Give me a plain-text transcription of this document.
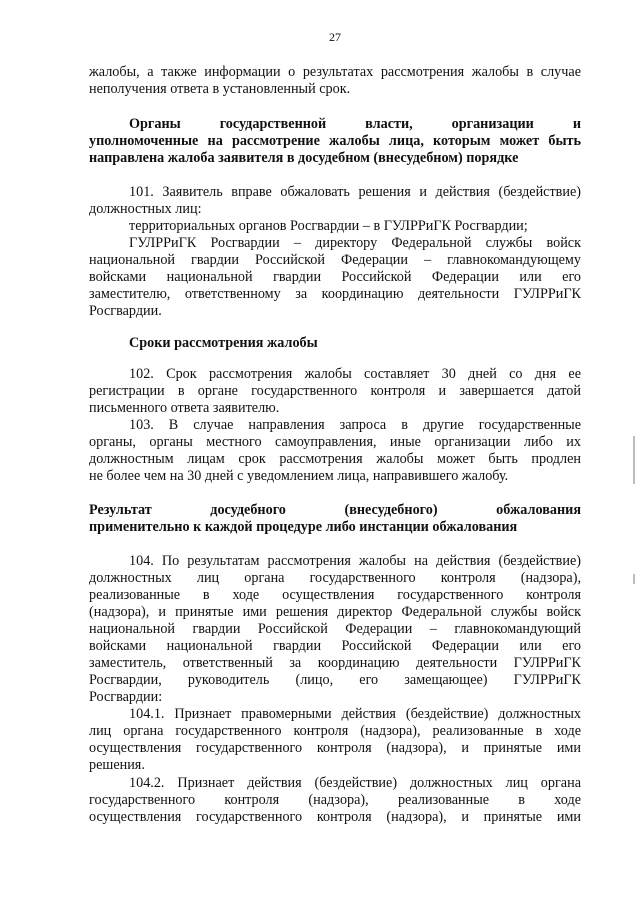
27
жалобы, а также информации о результатах рассмотрения жалобы в случае
неполучения ответа в установленный срок.
Органы государственной власти, организации и
уполномоченные на рассмотрение жалобы лица, которым может быть
направлена жалоба заявителя в досудебном (внесудебном) порядке
101. Заявитель вправе обжаловать решения и действия (бездействие)
должностных лиц:
территориальных органов Росгвардии – в ГУЛРРиГК Росгвардии;
ГУЛРРиГК Росгвардии – директору Федеральной службы войск
национальной гвардии Российской Федерации – главнокомандующему
войсками национальной гвардии Российской Федерации или его
заместителю, ответственному за координацию деятельности ГУЛРРиГК
Росгвардии.
Сроки рассмотрения жалобы
102. Срок рассмотрения жалобы составляет 30 дней со дня ее
регистрации в органе государственного контроля и завершается датой
письменного ответа заявителю.
103. В случае направления запроса в другие государственные
органы, органы местного самоуправления, иные организации либо их
должностным лицам срок рассмотрения жалобы может быть продлен
не более чем на 30 дней с уведомлением лица, направившего жалобу.
Результат досудебного (внесудебного) обжалования
применительно к каждой процедуре либо инстанции обжалования
104. По результатам рассмотрения жалобы на действия (бездействие)
должностных лиц органа государственного контроля (надзора),
реализованные в ходе осуществления государственного контроля
(надзора), и принятые ими решения директор Федеральной службы войск
национальной гвардии Российской Федерации – главнокомандующий
войсками национальной гвардии Российской Федерации или его
заместитель, ответственный за координацию деятельности ГУЛРРиГК
Росгвардии, руководитель (лицо, его замещающее) ГУЛРРиГК
Росгвардии:
104.1. Признает правомерными действия (бездействие) должностных
лиц органа государственного контроля (надзора), реализованные в ходе
осуществления государственного контроля (надзора), и принятые ими
решения.
104.2. Признает действия (бездействие) должностных лиц органа
государственного контроля (надзора), реализованные в ходе
осуществления государственного контроля (надзора), и принятые ими
